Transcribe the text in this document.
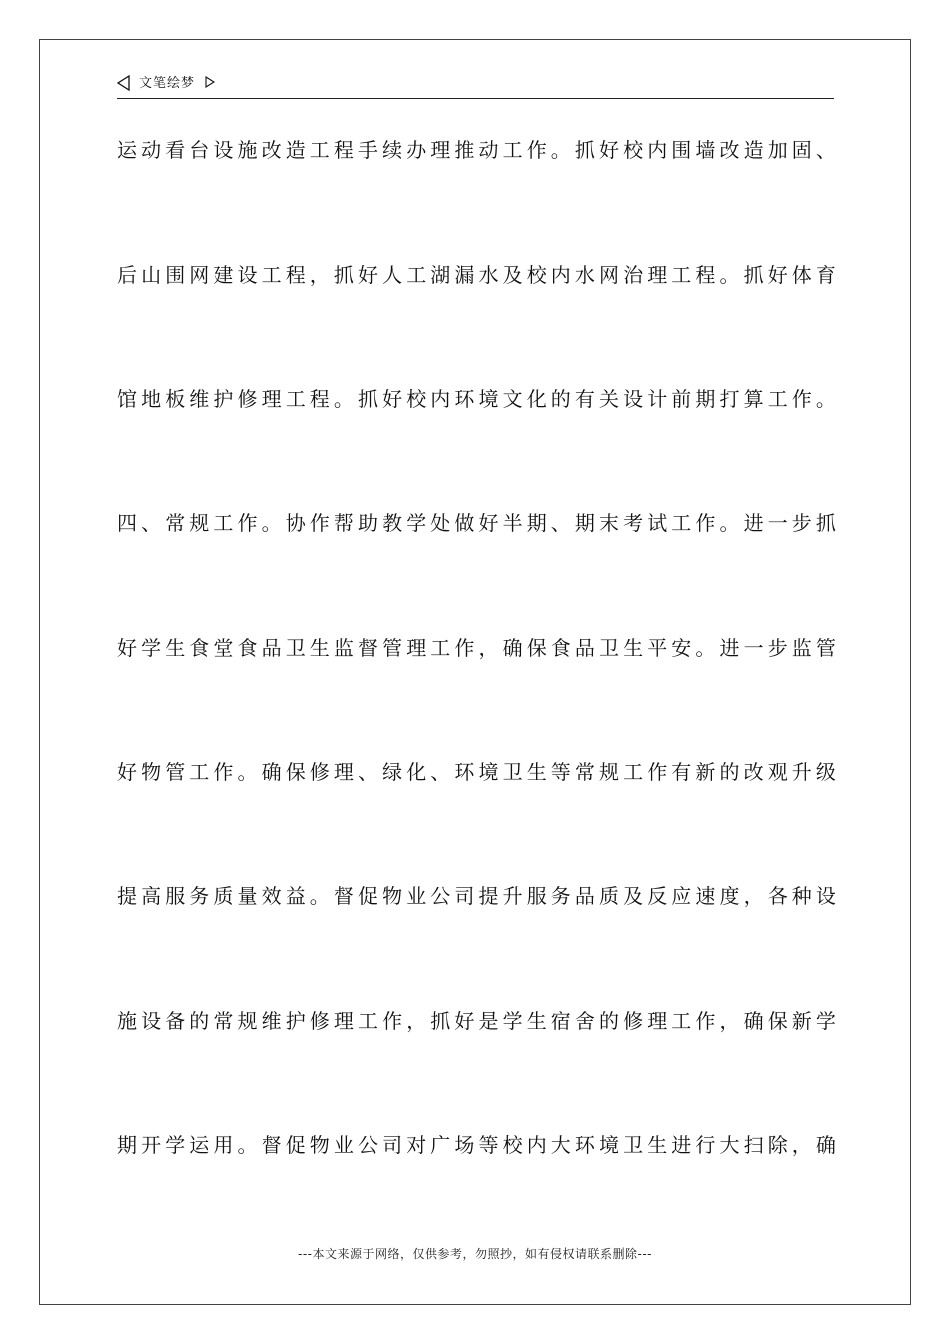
文笔绘梦
运动看台设施改造工程手续办理推动工作。抓好校内围墙改造加固、
后山围网建设工程，抓好人工湖漏水及校内水网治理工程。抓好体育
馆地板维护修理工程。抓好校内环境文化的有关设计前期打算工作。
四、常规工作。协作帮助教学处做好半期、期末考试工作。进一步抓
好学生食堂食品卫生监督管理工作，确保食品卫生平安。进一步监管
好物管工作。确保修理、绿化、环境卫生等常规工作有新的改观升级
提高服务质量效益。督促物业公司提升服务品质及反应速度，各种设
施设备的常规维护修理工作，抓好是学生宿舍的修理工作，确保新学
期开学运用。督促物业公司对广场等校内大环境卫生进行大扫除，确
---本文来源于网络，仅供参考，勿照抄，如有侵权请联系删除---
